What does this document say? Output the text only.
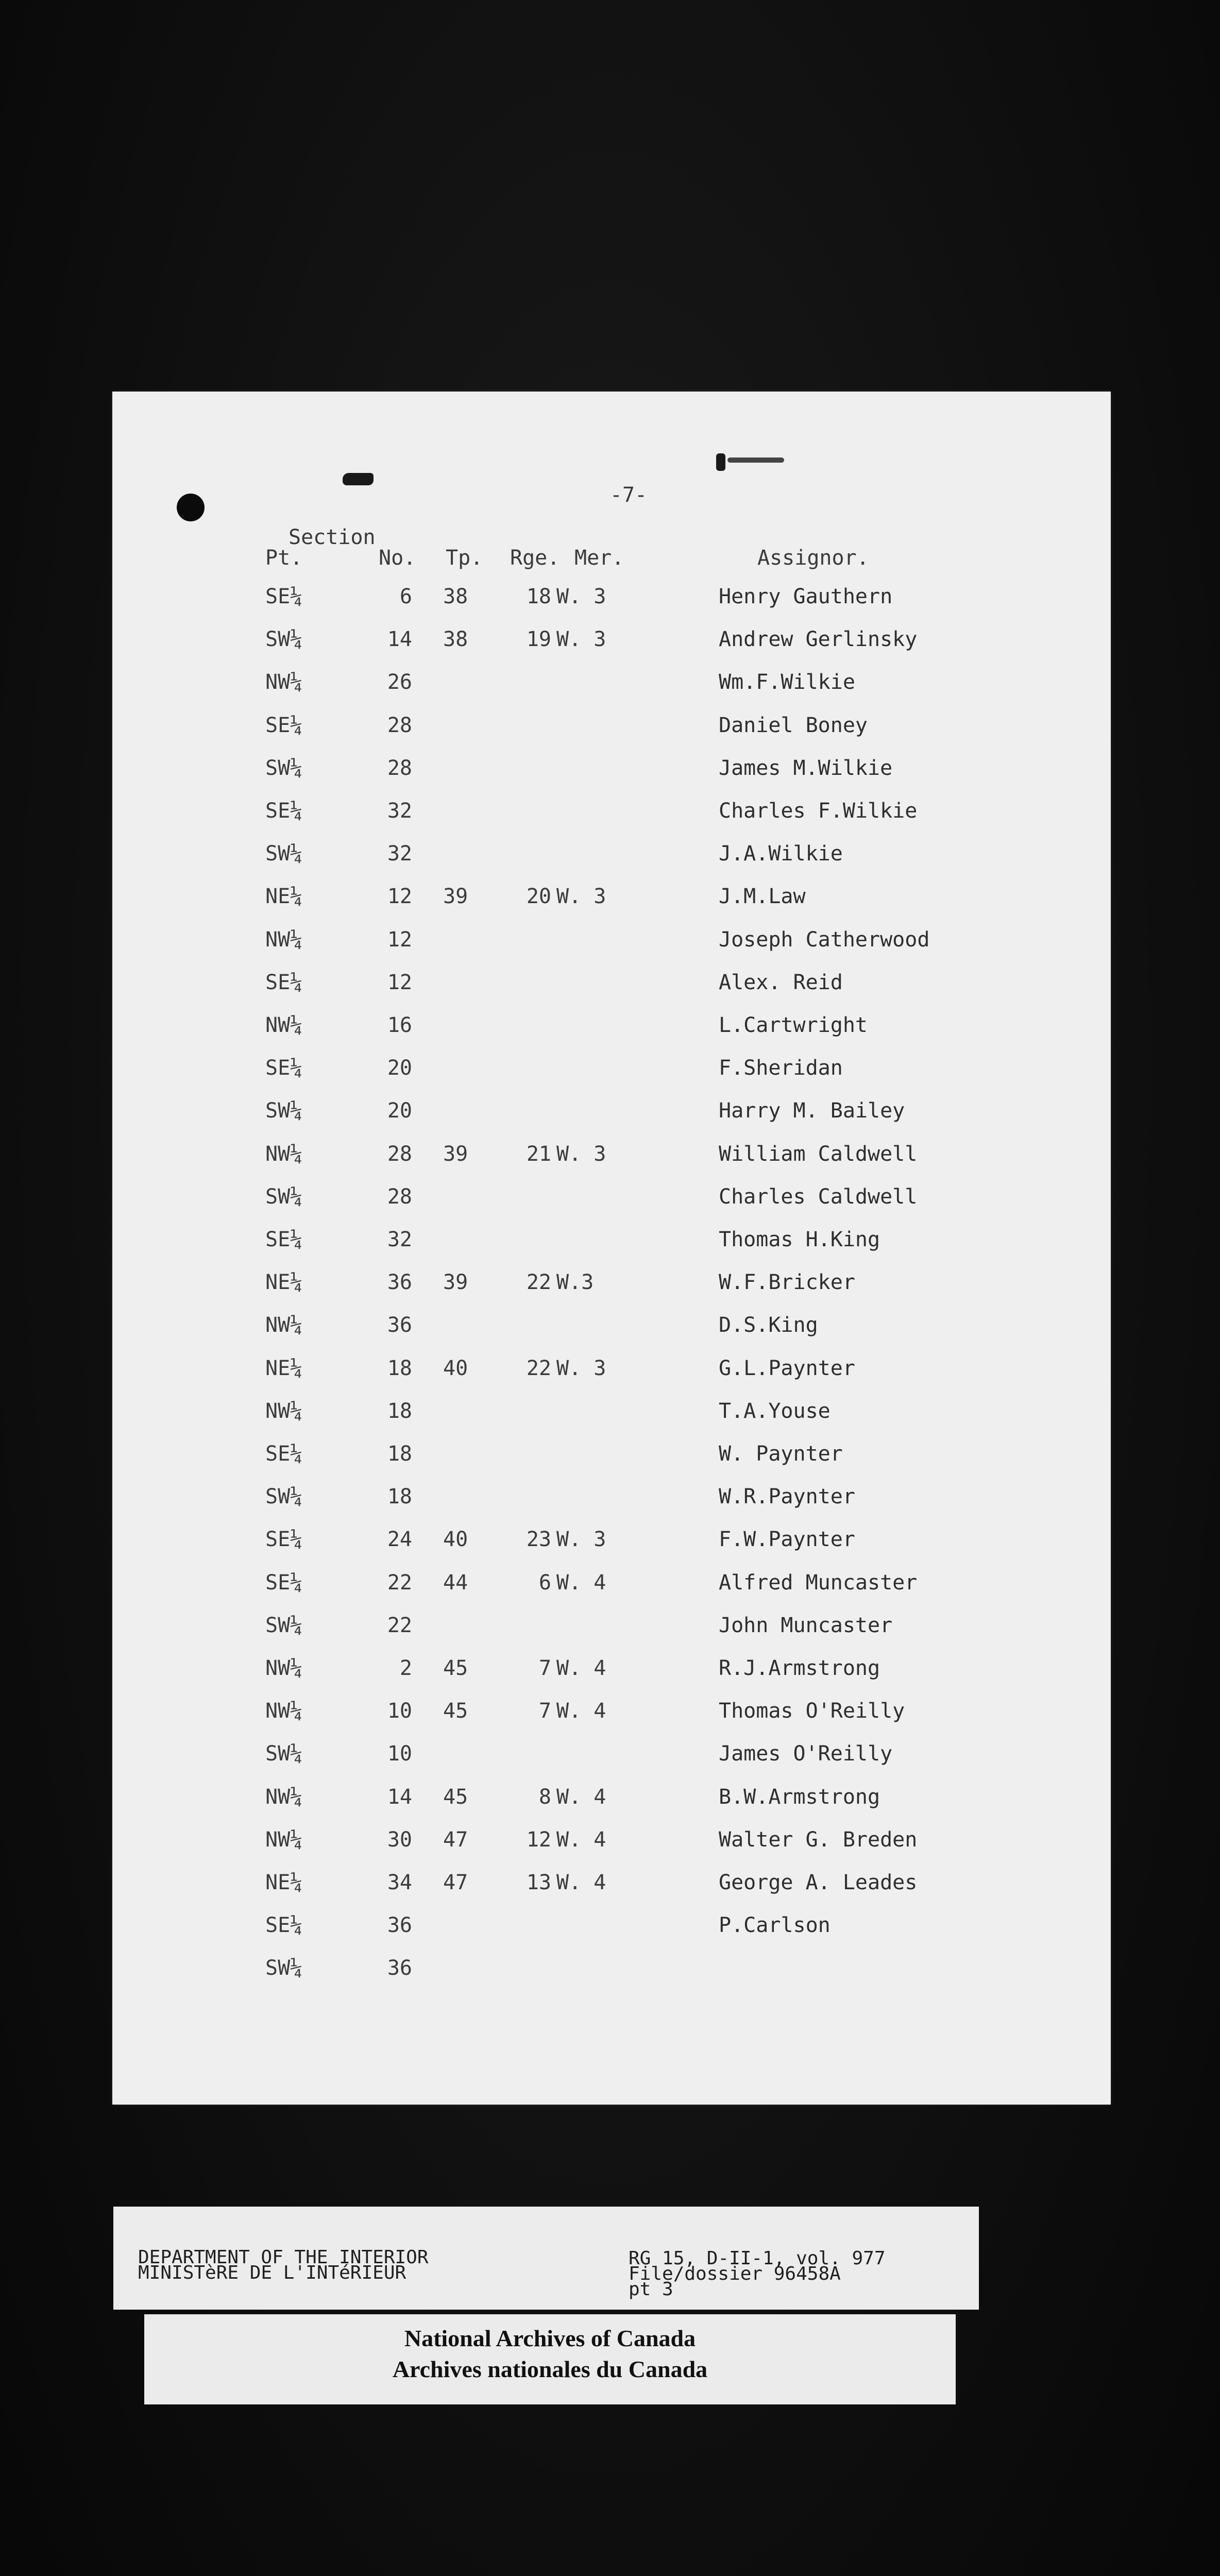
-7-
Section
Pt.	No. Tp. Rge. Mer.	Assignor.
SE¼	6 38	18 W. 3	Henry Gauthern
SW¼	14 38	19 W. 3	Andrew Gerlinsky
NW¼	26	Wm.F.Wilkie
SE¼	28	Daniel Boney
SW¼	28	James M.Wilkie
SE¼	32	Charles F.Wilkie
SW¼	32	J.A.Wilkie
NE¼	12 39	20 W. 3	J.M.Law
NW¼	12	Joseph Catherwood
SE¼	12	Alex. Reid
NW¼	16	L.Cartwright
SE¼	20	F.Sheridan
SW¼	20	Harry M. Bailey
NW¼	28 39	21 W. 3	William Caldwell
SW¼	28	Charles Caldwell
SE¼	32	Thomas H.King
NE¼	36 39	22 W.3	W.F.Bricker
NW¼	36	D.S.King
NE¼	18 40	22 W. 3	G.L.Paynter
NW¼	18	T.A.Youse
SE¼	18	W. Paynter
SW¼	18	W.R.Paynter
SE¼	24 40	23 W. 3	F.W.Paynter
SE¼	22 44	6 W. 4	Alfred Muncaster
SW¼	22	John Muncaster
NW¼	2 45	7 W. 4	R.J.Armstrong
NW¼	10 45	7 W. 4	Thomas O'Reilly
SW¼	10	James O'Reilly
NW¼	14 45	8 W. 4	B.W.Armstrong
NW¼	30 47	12 W. 4	Walter G. Breden
NE¼	34 47	13 W. 4	George A. Leades
SE¼	36	P.Carlson
SW¼	36
DEPARTMENT OF THE INTERIOR
MINISTèRE DE L'INTéRIEUR
RG 15, D-II-1, vol. 977
File/dossier 96458A
pt 3
National Archives of Canada
Archives nationales du Canada
